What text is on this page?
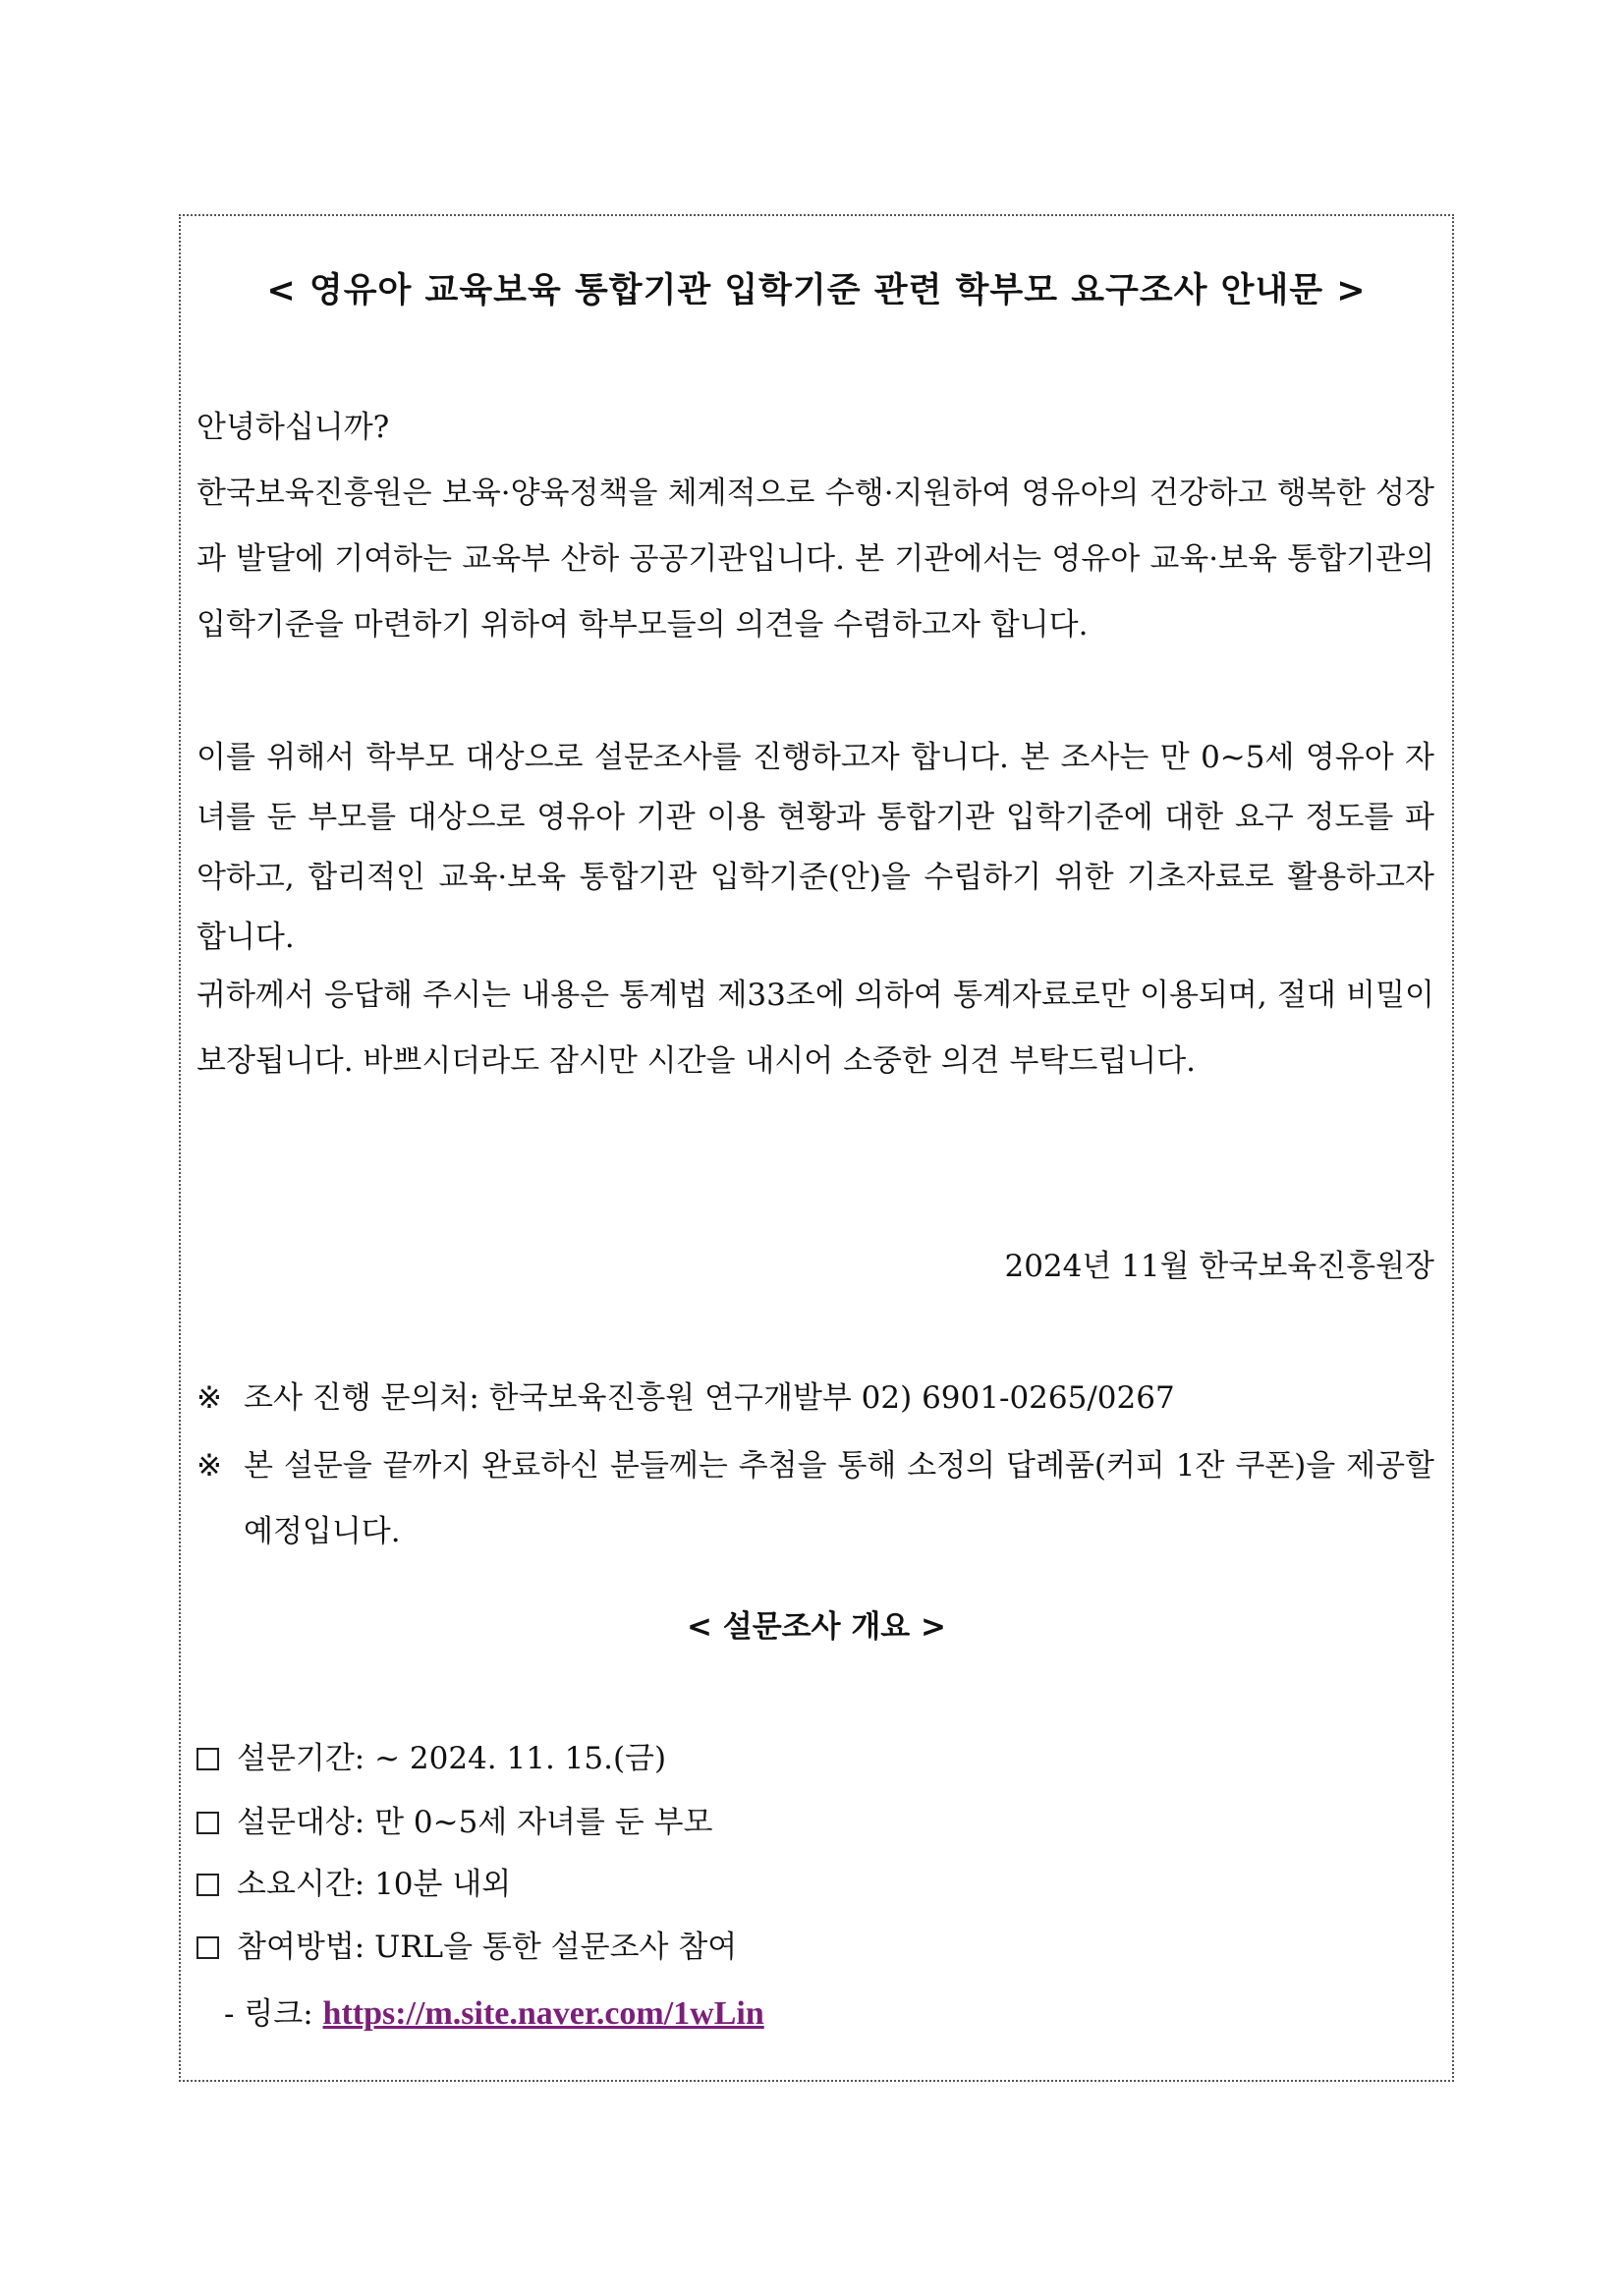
< 영유아 교육보육 통합기관 입학기준 관련 학부모 요구조사 안내문 >
안녕하십니까?
한국보육진흥원은 보육·양육정책을 체계적으로 수행·지원하여 영유아의 건강하고 행복한 성장과 발달에 기여하는 교육부 산하 공공기관입니다. 본 기관에서는 영유아 교육·보육 통합기관의 입학기준을 마련하기 위하여 학부모들의 의견을 수렴하고자 합니다.
이를 위해서 학부모 대상으로 설문조사를 진행하고자 합니다. 본 조사는 만 0~5세 영유아 자녀를 둔 부모를 대상으로 영유아 기관 이용 현황과 통합기관 입학기준에 대한 요구 정도를 파악하고, 합리적인 교육·보육 통합기관 입학기준(안)을 수립하기 위한 기초자료로 활용하고자 합니다.
귀하께서 응답해 주시는 내용은 통계법 제33조에 의하여 통계자료로만 이용되며, 절대 비밀이 보장됩니다. 바쁘시더라도 잠시만 시간을 내시어 소중한 의견 부탁드립니다.
2024년 11월 한국보육진흥원장
※ 조사 진행 문의처: 한국보육진흥원 연구개발부 02) 6901-0265/0267
※ 본 설문을 끝까지 완료하신 분들께는 추첨을 통해 소정의 답례품(커피 1잔 쿠폰)을 제공할 예정입니다.
< 설문조사 개요 >
설문기간: ~ 2024. 11. 15.(금)
설문대상: 만 0~5세 자녀를 둔 부모
소요시간: 10분 내외
참여방법: URL을 통한 설문조사 참여
- 링크: https://m.site.naver.com/1wLin
